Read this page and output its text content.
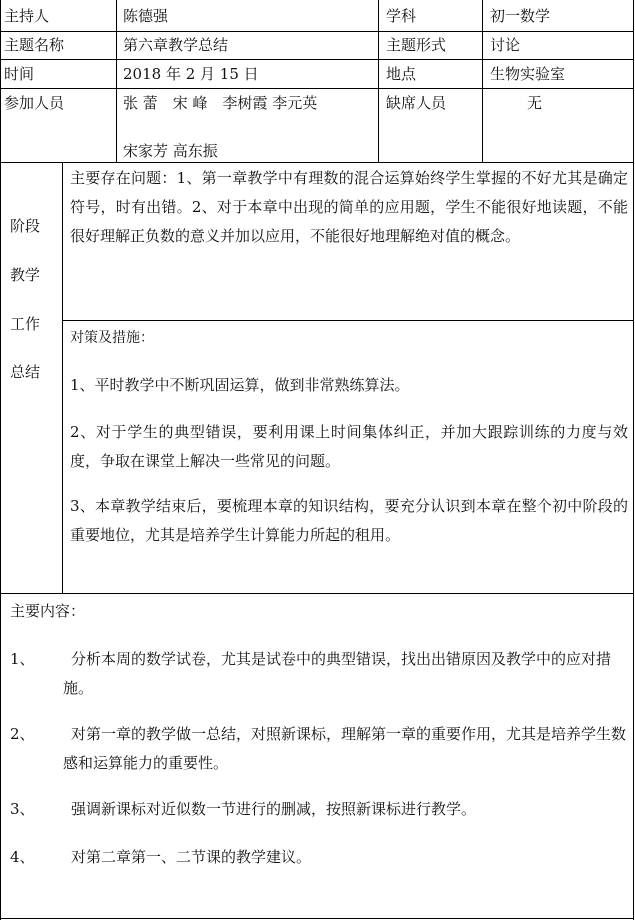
主持人	陈德强	学科	初一数学
主题名称	第六章教学总结	主题形式	讨论
时间	2018 年 2 月 15 日	地点	生物实验室
参加人员	张 蕾　宋 峰　李树霞 李元英
宋家芳 高东振
缺席人员	无
阶段
教学
工作
总结
主要存在问题：1、第一章教学中有理数的混合运算始终学生掌握的不好尤其是确定符号，时有出错。2、对于本章中出现的简单的应用题，学生不能很好地读题，不能很好理解正负数的意义并加以应用，不能很好地理解绝对值的概念。
对策及措施：
1、平时教学中不断巩固运算，做到非常熟练算法。
2、对于学生的典型错误，要利用课上时间集体纠正，并加大跟踪训练的力度与效度，争取在课堂上解决一些常见的问题。
3、本章教学结束后，要梳理本章的知识结构，要充分认识到本章在整个初中阶段的重要地位，尤其是培养学生计算能力所起的租用。
主要内容：
1、	分析本周的数学试卷，尤其是试卷中的典型错误，找出出错原因及教学中的应对措施。
2、	对第一章的教学做一总结，对照新课标，理解第一章的重要作用，尤其是培养学生数感和运算能力的重要性。
3、	强调新课标对近似数一节进行的删减，按照新课标进行教学。
4、	对第二章第一、二节课的教学建议。
